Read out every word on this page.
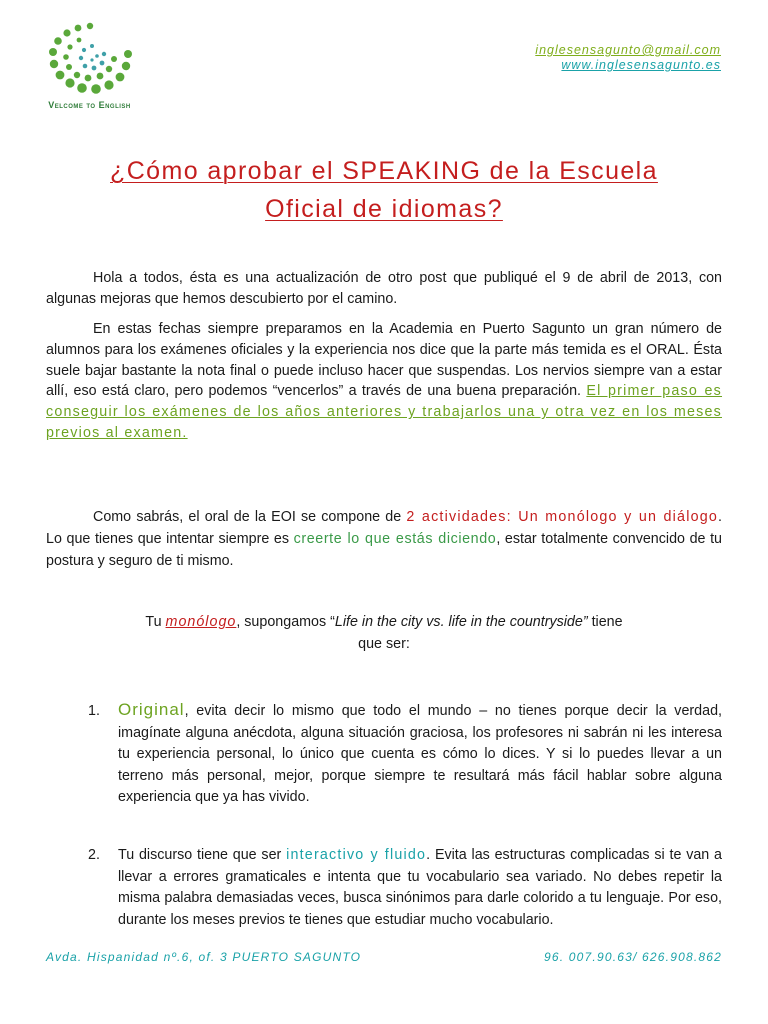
Velcome to English
inglesensagunto@gmail.com
www.inglesensagunto.es
¿Cómo aprobar el SPEAKING de la Escuela
Oficial de idiomas?

Hola a todos, ésta es una actualización de otro post que publiqué el 9 de abril de 2013, con algunas mejoras que hemos descubierto por el camino.

En estas fechas siempre preparamos en la Academia en Puerto Sagunto un gran número de alumnos para los exámenes oficiales y la experiencia nos dice que la parte más temida es el ORAL. Ésta suele bajar bastante la nota final o puede incluso hacer que suspendas. Los nervios siempre van a estar allí, eso está claro, pero podemos “vencerlos” a través de una buena preparación. El primer paso es conseguir los exámenes de los años anteriores y trabajarlos una y otra vez en los meses previos al examen.

Como sabrás, el oral de la EOI se compone de 2 actividades: Un monólogo y un diálogo. Lo que tienes que intentar siempre es creerte lo que estás diciendo, estar totalmente convencido de tu postura y seguro de ti mismo.

Tu monólogo, supongamos “Life in the city vs. life in the countryside” tiene
que ser:
1. Original, evita decir lo mismo que todo el mundo – no tienes porque decir la verdad, imagínate alguna anécdota, alguna situación graciosa, los profesores ni sabrán ni les interesa tu experiencia personal, lo único que cuenta es cómo lo dices. Y si lo puedes llevar a un terreno más personal, mejor, porque siempre te resultará más fácil hablar sobre alguna experiencia que ya has vivido.
2. Tu discurso tiene que ser interactivo y fluido. Evita las estructuras complicadas si te van a llevar a errores gramaticales e intenta que tu vocabulario sea variado. No debes repetir la misma palabra demasiadas veces, busca sinónimos para darle colorido a tu lenguaje. Por eso, durante los meses previos te tienes que estudiar mucho vocabulario.
Avda. Hispanidad nº.6, of. 3 PUERTO SAGUNTO	96. 007.90.63/ 626.908.862
